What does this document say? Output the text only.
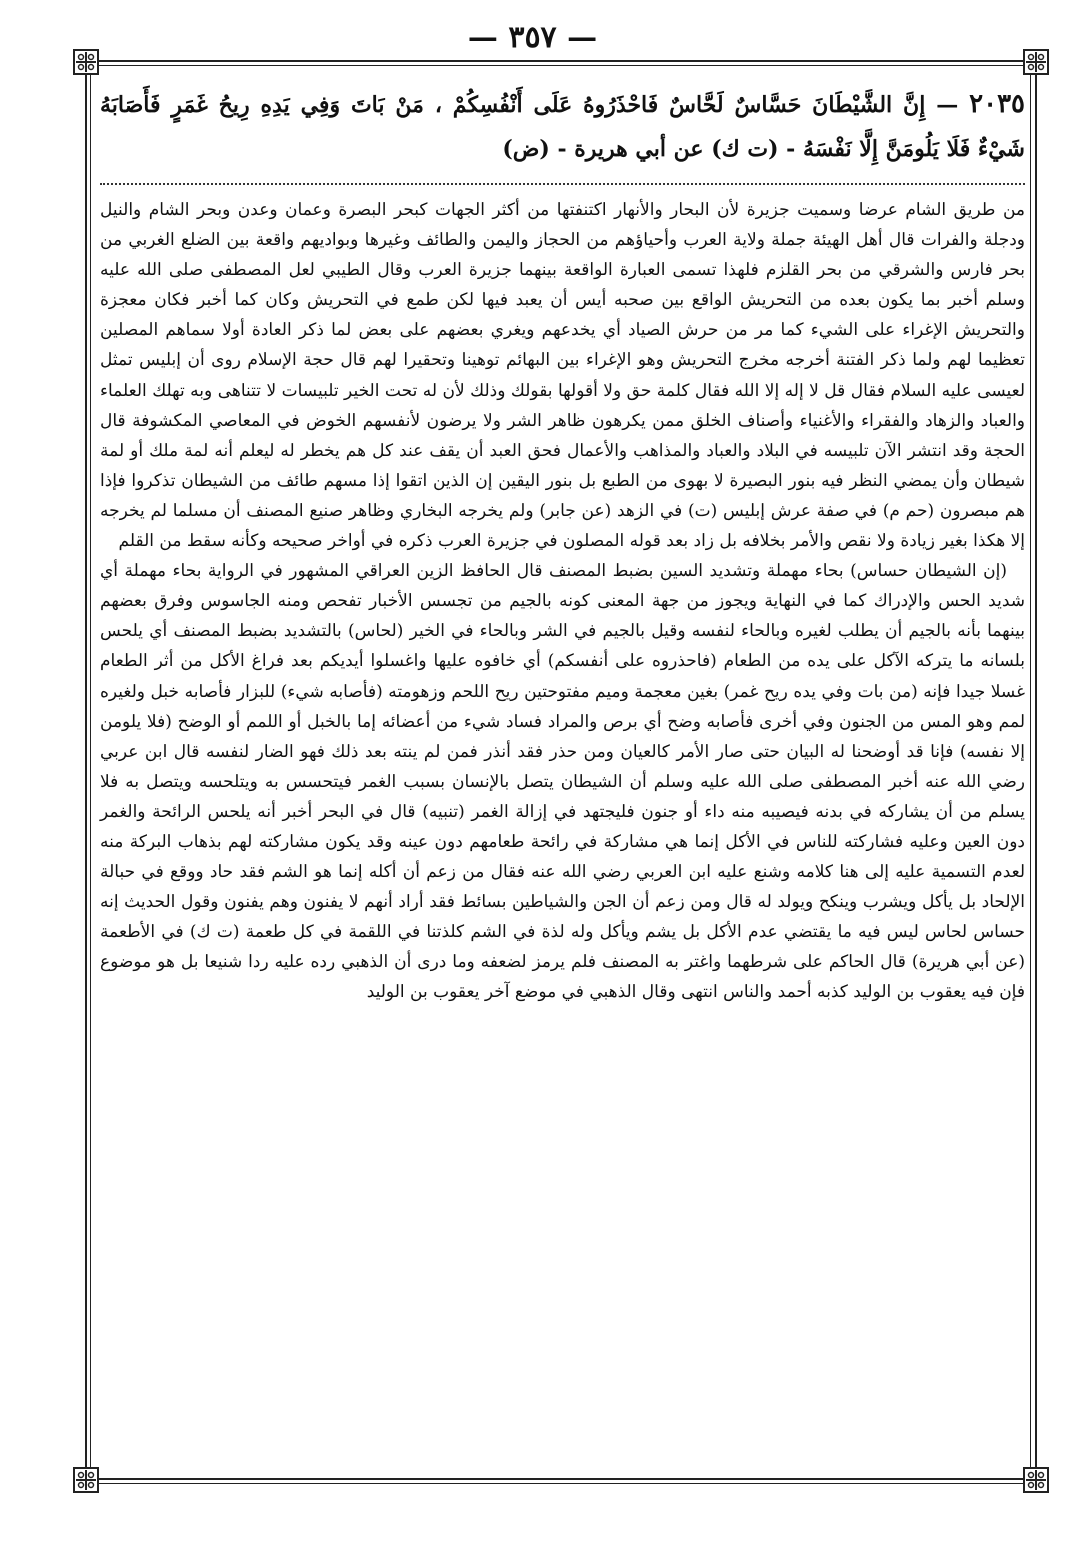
— ٣٥٧ —
٢٠٣٥ — إِنَّ الشَّيْطَانَ حَسَّاسٌ لَحَّاسٌ فَاحْذَرُوهُ عَلَى أَنْفُسِكُمْ ، مَنْ بَاتَ وَفِي يَدِهِ رِيحُ غَمَرٍ فَأَصَابَهُ شَيْءٌ فَلَا يَلُومَنَّ إِلَّا نَفْسَهُ - (ت ك) عن أبي هريرة - (ض)

من طريق الشام عرضا وسميت جزيرة لأن البحار والأنهار اكتنفتها من أكثر الجهات كبحر البصرة وعمان وعدن وبحر الشام والنيل ودجلة والفرات قال أهل الهيئة جملة ولاية العرب وأحياؤهم من الحجاز واليمن والطائف وغيرها وبواديهم واقعة بين الضلع الغربي من بحر فارس والشرقي من بحر القلزم فلهذا تسمى العبارة الواقعة بينهما جزيرة العرب وقال الطيبي لعل المصطفى صلى الله عليه وسلم أخبر بما يكون بعده من التحريش الواقع بين صحبه أيس أن يعبد فيها لكن طمع في التحريش وكان كما أخبر فكان معجزة والتحريش الإغراء على الشيء كما مر من حرش الصياد أي يخدعهم ويغري بعضهم على بعض لما ذكر العادة أولا سماهم المصلين تعظيما لهم ولما ذكر الفتنة أخرجه مخرج التحريش وهو الإغراء بين البهائم توهينا وتحقيرا لهم قال حجة الإسلام روى أن إبليس تمثل لعيسى عليه السلام فقال قل لا إله إلا الله فقال كلمة حق ولا أقولها بقولك وذلك لأن له تحت الخير تلبيسات لا تتناهى وبه تهلك العلماء والعباد والزهاد والفقراء والأغنياء وأصناف الخلق ممن يكرهون ظاهر الشر ولا يرضون لأنفسهم الخوض في المعاصي المكشوفة قال الحجة وقد انتشر الآن تلبيسه في البلاد والعباد والمذاهب والأعمال فحق العبد أن يقف عند كل هم يخطر له ليعلم أنه لمة ملك أو لمة شيطان وأن يمضي النظر فيه بنور البصيرة لا بهوى من الطبع بل بنور اليقين إن الذين اتقوا إذا مسهم طائف من الشيطان تذكروا فإذا هم مبصرون (حم م) في صفة عرش إبليس (ت) في الزهد (عن جابر) ولم يخرجه البخاري وظاهر صنيع المصنف أن مسلما لم يخرجه إلا هكذا بغير زيادة ولا نقص والأمر بخلافه بل زاد بعد قوله المصلون في جزيرة العرب ذكره في أواخر صحيحه وكأنه سقط من القلم

(إن الشيطان حساس) بحاء مهملة وتشديد السين بضبط المصنف قال الحافظ الزين العراقي المشهور في الرواية بحاء مهملة أي شديد الحس والإدراك كما في النهاية ويجوز من جهة المعنى كونه بالجيم من تجسس الأخبار تفحص ومنه الجاسوس وفرق بعضهم بينهما بأنه بالجيم أن يطلب لغيره وبالحاء لنفسه وقيل بالجيم في الشر وبالحاء في الخير (لحاس) بالتشديد بضبط المصنف أي يلحس بلسانه ما يتركه الآكل على يده من الطعام (فاحذروه على أنفسكم) أي خافوه عليها واغسلوا أيديكم بعد فراغ الأكل من أثر الطعام غسلا جيدا فإنه (من بات وفي يده ريح غمر) بغين معجمة وميم مفتوحتين ريح اللحم وزهومته (فأصابه شيء) للبزار فأصابه خبل ولغيره لمم وهو المس من الجنون وفي أخرى فأصابه وضح أي برص والمراد فساد شيء من أعضائه إما بالخبل أو اللمم أو الوضح (فلا يلومن إلا نفسه) فإنا قد أوضحنا له البيان حتى صار الأمر كالعيان ومن حذر فقد أنذر فمن لم ينته بعد ذلك فهو الضار لنفسه قال ابن عربي رضي الله عنه أخبر المصطفى صلى الله عليه وسلم أن الشيطان يتصل بالإنسان بسبب الغمر فيتحسس به ويتلحسه ويتصل به فلا يسلم من أن يشاركه في بدنه فيصيبه منه داء أو جنون فليجتهد في إزالة الغمر (تنبيه) قال في البحر أخبر أنه يلحس الرائحة والغمر دون العين وعليه فشاركته للناس في الأكل إنما هي مشاركة في رائحة طعامهم دون عينه وقد يكون مشاركته لهم بذهاب البركة منه لعدم التسمية عليه إلى هنا كلامه وشنع عليه ابن العربي رضي الله عنه فقال من زعم أن أكله إنما هو الشم فقد حاد ووقع في حبالة الإلحاد بل يأكل ويشرب وينكح ويولد له قال ومن زعم أن الجن والشياطين بسائط فقد أراد أنهم لا يفنون وهم يفنون وقول الحديث إنه حساس لحاس ليس فيه ما يقتضي عدم الأكل بل يشم ويأكل وله لذة في الشم كلذتنا في اللقمة في كل طعمة (ت ك) في الأطعمة (عن أبي هريرة) قال الحاكم على شرطهما واغتر به المصنف فلم يرمز لضعفه وما درى أن الذهبي رده عليه ردا شنيعا بل هو موضوع فإن فيه يعقوب بن الوليد كذبه أحمد والناس انتهى وقال الذهبي في موضع آخر يعقوب بن الوليد
